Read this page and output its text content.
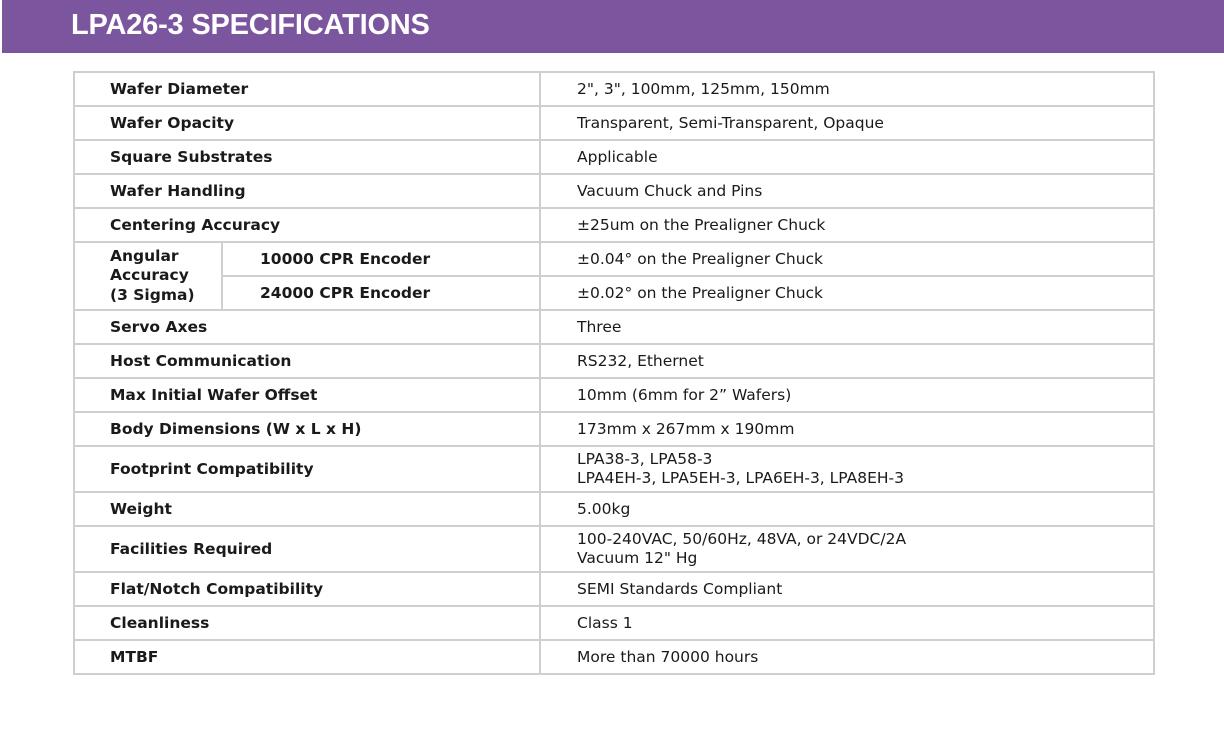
LPA26-3 SPECIFICATIONS
Wafer Diameter		2", 3", 100mm, 125mm, 150mm
Wafer Opacity		Transparent, Semi-Transparent, Opaque
Square Substrates		Applicable
Wafer Handling		Vacuum Chuck and Pins
Centering Accuracy		±25um on the Prealigner Chuck

Angular
Accuracy
(3 Sigma)	10000 CPR Encoder	±0.04° on the Prealigner Chuck
	24000 CPR Encoder	±0.02° on the Prealigner Chuck
Servo Axes		Three
Host Communication		RS232, Ethernet
Max Initial Wafer Offset		10mm (6mm for 2” Wafers)
Body Dimensions (W x L x H)		173mm x 267mm x 190mm
Footprint Compatibility		LPA38-3, LPA58-3
LPA4EH-3, LPA5EH-3, LPA6EH-3, LPA8EH-3

Weight		5.00kg
Facilities Required		100-240VAC, 50/60Hz, 48VA, or 24VDC/2A
Vacuum 12" Hg

Flat/Notch Compatibility		SEMI Standards Compliant
Cleanliness		Class 1
MTBF		More than 70000 hours
